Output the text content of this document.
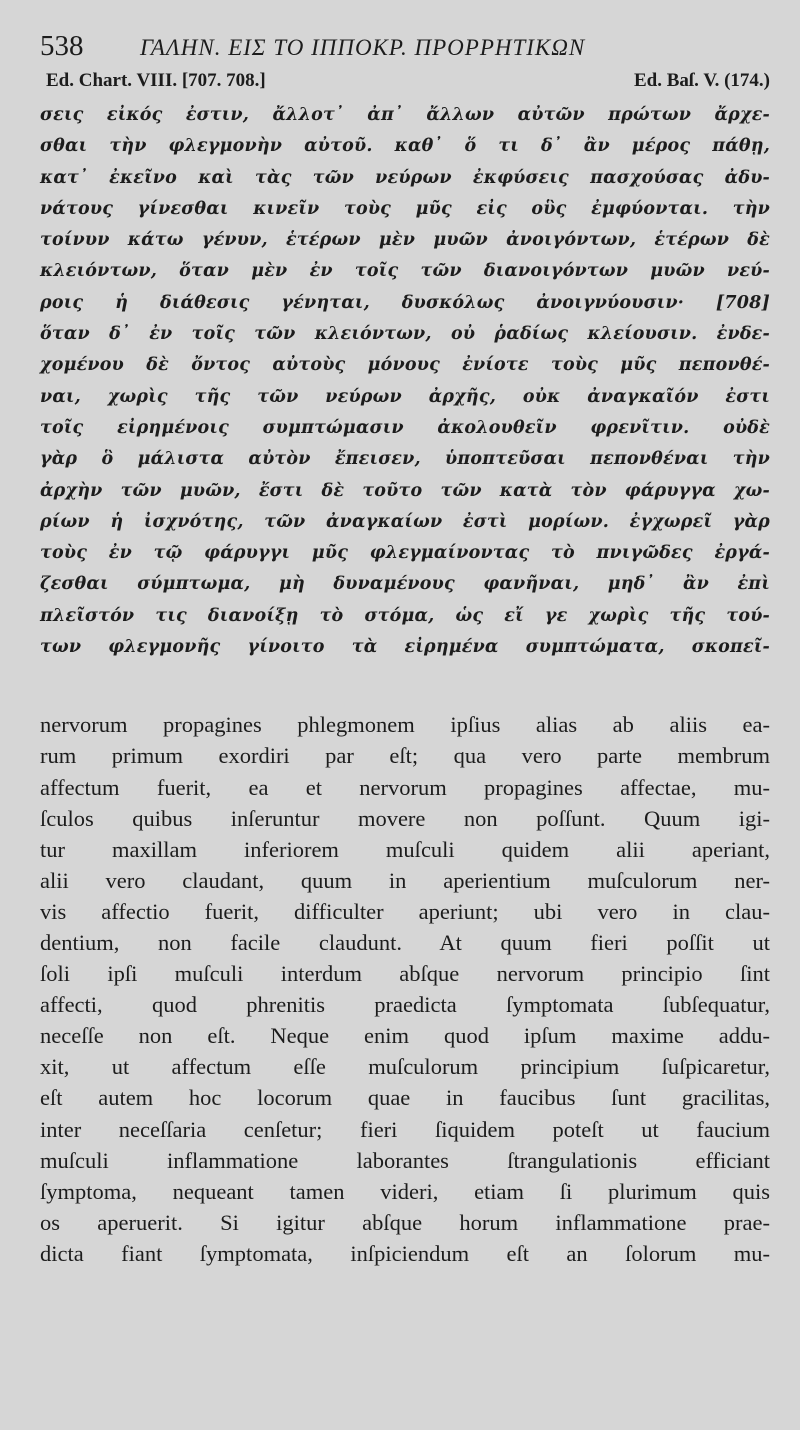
538	ΓΑΛΗΝ. ΕΙΣ ΤΟ ΙΠΠΟΚΡ. ΠΡΟΡΡΗΤΙΚΩΝ
Ed. Chart. VIII. [707. 708.]	Ed. Baſ. V. (174.)
σεις εἰκός ἐστιν, ἄλλοτ᾿ ἀπ᾿ ἄλλων αὐτῶν πρώτων ἄρχε-
σθαι τὴν φλεγμονὴν αὐτοῦ. καθ᾿ ὅ τι δ᾿ ἂν μέρος πάθῃ,
κατ᾿ ἐκεῖνο καὶ τὰς τῶν νεύρων ἐκφύσεις πασχούσας ἀδυ-
νάτους γίνεσθαι κινεῖν τοὺς μῦς εἰς οὓς ἐμφύονται. τὴν
τοίνυν κάτω γένυν, ἑτέρων μὲν μυῶν ἀνοιγόντων, ἑτέρων δὲ
κλειόντων, ὅταν μὲν ἐν τοῖς τῶν διανοιγόντων μυῶν νεύ-
ροις ἡ διάθεσις γένηται, δυσκόλως ἀνοιγνύουσιν· [708]
ὅταν δ᾿ ἐν τοῖς τῶν κλειόντων, οὐ ῥαδίως κλείουσιν. ἐνδε-
χομένου δὲ ὄντος αὐτοὺς μόνους ἐνίοτε τοὺς μῦς πεπονθέ-
ναι, χωρὶς τῆς τῶν νεύρων ἀρχῆς, οὐκ ἀναγκαῖόν ἐστι
τοῖς εἰρημένοις συμπτώμασιν ἀκολουθεῖν φρενῖτιν. οὐδὲ
γὰρ ὃ μάλιστα αὐτὸν ἔπεισεν, ὑποπτεῦσαι πεπονθέναι τὴν
ἀρχὴν τῶν μυῶν, ἔστι δὲ τοῦτο τῶν κατὰ τὸν φάρυγγα χω-
ρίων ἡ ἰσχνότης, τῶν ἀναγκαίων ἐστὶ μορίων. ἐγχωρεῖ γὰρ
τοὺς ἐν τῷ φάρυγγι μῦς φλεγμαίνοντας τὸ πνιγῶδες ἐργά-
ζεσθαι σύμπτωμα, μὴ δυναμένους φανῆναι, μηδ᾿ ἂν ἐπὶ
πλεῖστόν τις διανοίξῃ τὸ στόμα, ὡς εἴ γε χωρὶς τῆς τού-
των φλεγμονῆς γίνοιτο τὰ εἰρημένα συμπτώματα, σκοπεῖ-
nervorum propagines phlegmonem ipſius alias ab aliis ea-
rum primum exordiri par eſt; qua vero parte membrum
affectum fuerit, ea et nervorum propagines affectae, mu-
ſculos quibus inſeruntur movere non poſſunt. Quum igi-
tur maxillam inferiorem muſculi quidem alii aperiant,
alii vero claudant, quum in aperientium muſculorum ner-
vis affectio fuerit, difficulter aperiunt; ubi vero in clau-
dentium, non facile claudunt. At quum fieri poſſit ut
ſoli ipſi muſculi interdum abſque nervorum principio ſint
affecti, quod phrenitis praedicta ſymptomata ſubſequatur,
neceſſe non eſt. Neque enim quod ipſum maxime addu-
xit, ut affectum eſſe muſculorum principium ſuſpicaretur,
eſt autem hoc locorum quae in faucibus ſunt gracilitas,
inter neceſſaria cenſetur; fieri ſiquidem poteſt ut faucium
muſculi inflammatione laborantes ſtrangulationis efficiant
ſymptoma, nequeant tamen videri, etiam ſi plurimum quis
os aperuerit. Si igitur abſque horum inflammatione prae-
dicta fiant ſymptomata, inſpiciendum eſt an ſolorum mu-
